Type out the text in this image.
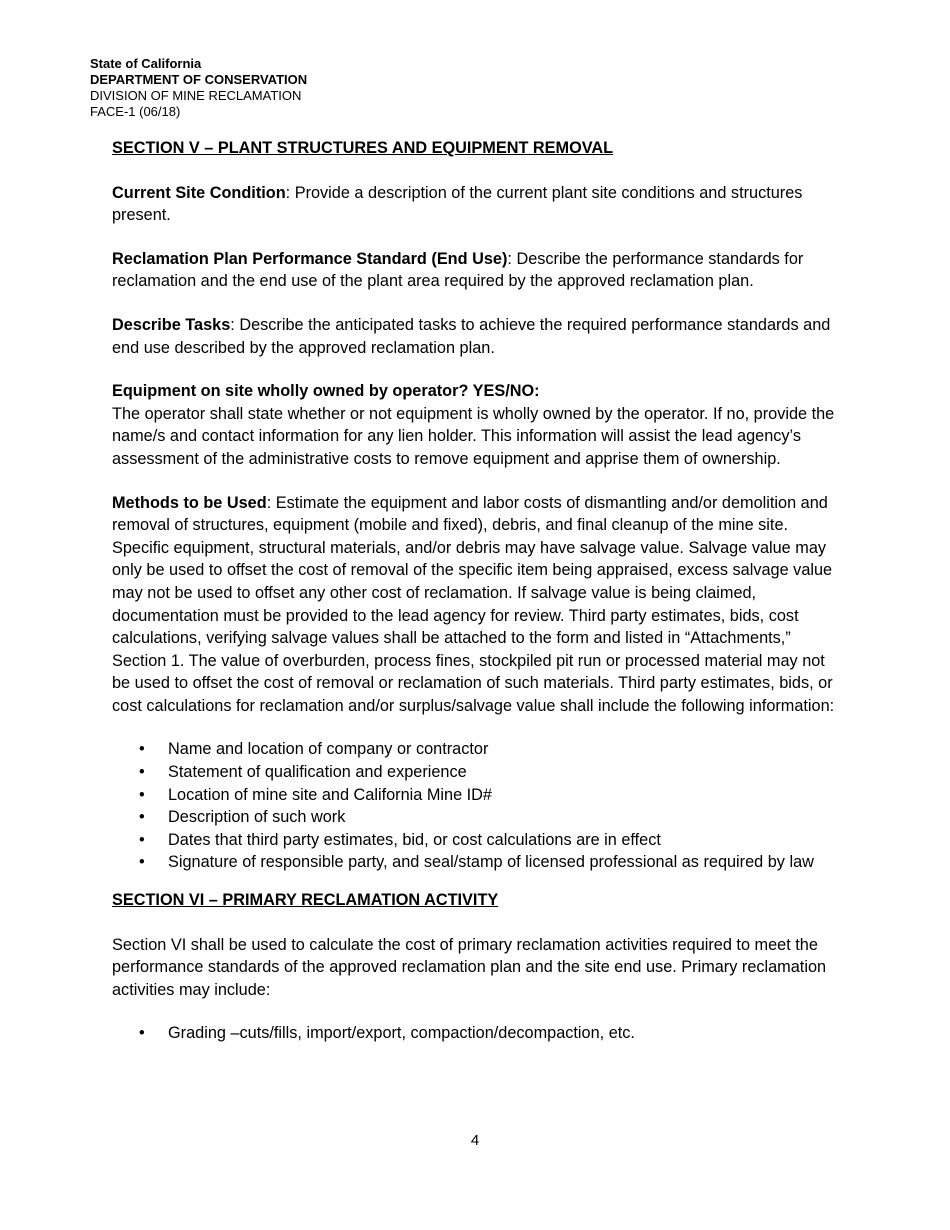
State of California
DEPARTMENT OF CONSERVATION
DIVISION OF MINE RECLAMATION
FACE-1 (06/18)

SECTION V – PLANT STRUCTURES AND EQUIPMENT REMOVAL

Current Site Condition: Provide a description of the current plant site conditions and structures present.

Reclamation Plan Performance Standard (End Use): Describe the performance standards for reclamation and the end use of the plant area required by the approved reclamation plan.

Describe Tasks: Describe the anticipated tasks to achieve the required performance standards and end use described by the approved reclamation plan.

Equipment on site wholly owned by operator? YES/NO:

The operator shall state whether or not equipment is wholly owned by the operator. If no, provide the name/s and contact information for any lien holder. This information will assist the lead agency’s assessment of the administrative costs to remove equipment and apprise them of ownership.

Methods to be Used: Estimate the equipment and labor costs of dismantling and/or demolition and removal of structures, equipment (mobile and fixed), debris, and final cleanup of the mine site. Specific equipment, structural materials, and/or debris may have salvage value. Salvage value may only be used to offset the cost of removal of the specific item being appraised, excess salvage value may not be used to offset any other cost of reclamation. If salvage value is being claimed, documentation must be provided to the lead agency for review. Third party estimates, bids, cost calculations, verifying salvage values shall be attached to the form and listed in “Attachments,” Section 1. The value of overburden, process fines, stockpiled pit run or processed material may not be used to offset the cost of removal or reclamation of such materials. Third party estimates, bids, or cost calculations for reclamation and/or surplus/salvage value shall include the following information:

• Name and location of company or contractor
• Statement of qualification and experience
• Location of mine site and California Mine ID#
• Description of such work
• Dates that third party estimates, bid, or cost calculations are in effect
• Signature of responsible party, and seal/stamp of licensed professional as required by law

SECTION VI – PRIMARY RECLAMATION ACTIVITY

Section VI shall be used to calculate the cost of primary reclamation activities required to meet the performance standards of the approved reclamation plan and the site end use. Primary reclamation activities may include:

• Grading –cuts/fills, import/export, compaction/decompaction, etc.
4
